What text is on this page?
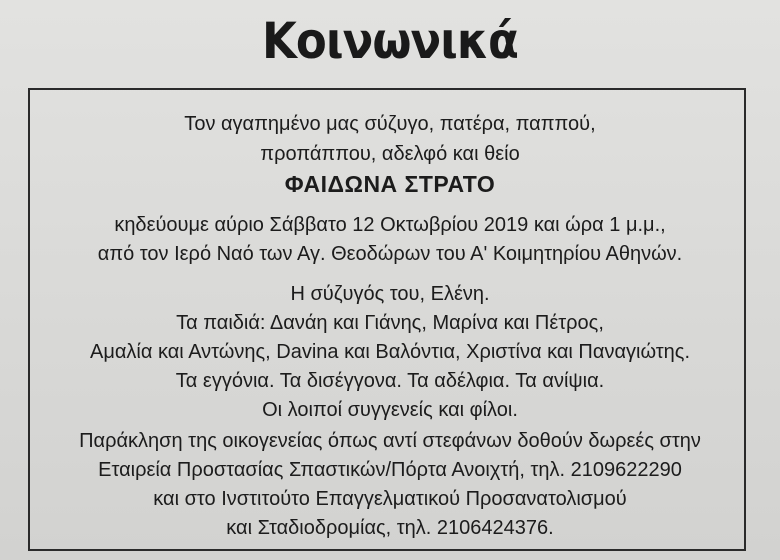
Κοινωνικά
Τον αγαπημένο μας σύζυγο, πατέρα, παππού,
προπάππου, αδελφό και θείο
ΦΑΙΔΩΝΑ ΣΤΡΑΤΟ
κηδεύουμε αύριο Σάββατο 12 Οκτωβρίου 2019 και ώρα 1 μ.μ.,
από τον Ιερό Ναό των Αγ. Θεοδώρων του Α' Κοιμητηρίου Αθηνών.
Η σύζυγός του, Ελένη.
Τα παιδιά: Δανάη και Γιάνης, Μαρίνα και Πέτρος,
Αμαλία και Αντώνης, Davina και Βαλόντια, Χριστίνα και Παναγιώτης.
Τα εγγόνια. Τα δισέγγονα. Τα αδέλφια. Τα ανίψια.
Οι λοιποί συγγενείς και φίλοι.
Παράκληση της οικογενείας όπως αντί στεφάνων δοθούν δωρεές στην
Εταιρεία Προστασίας Σπαστικών/Πόρτα Ανοιχτή, τηλ. 2109622290
και στο Ινστιτούτο Επαγγελματικού Προσανατολισμού
και Σταδιοδρομίας, τηλ. 2106424376.
